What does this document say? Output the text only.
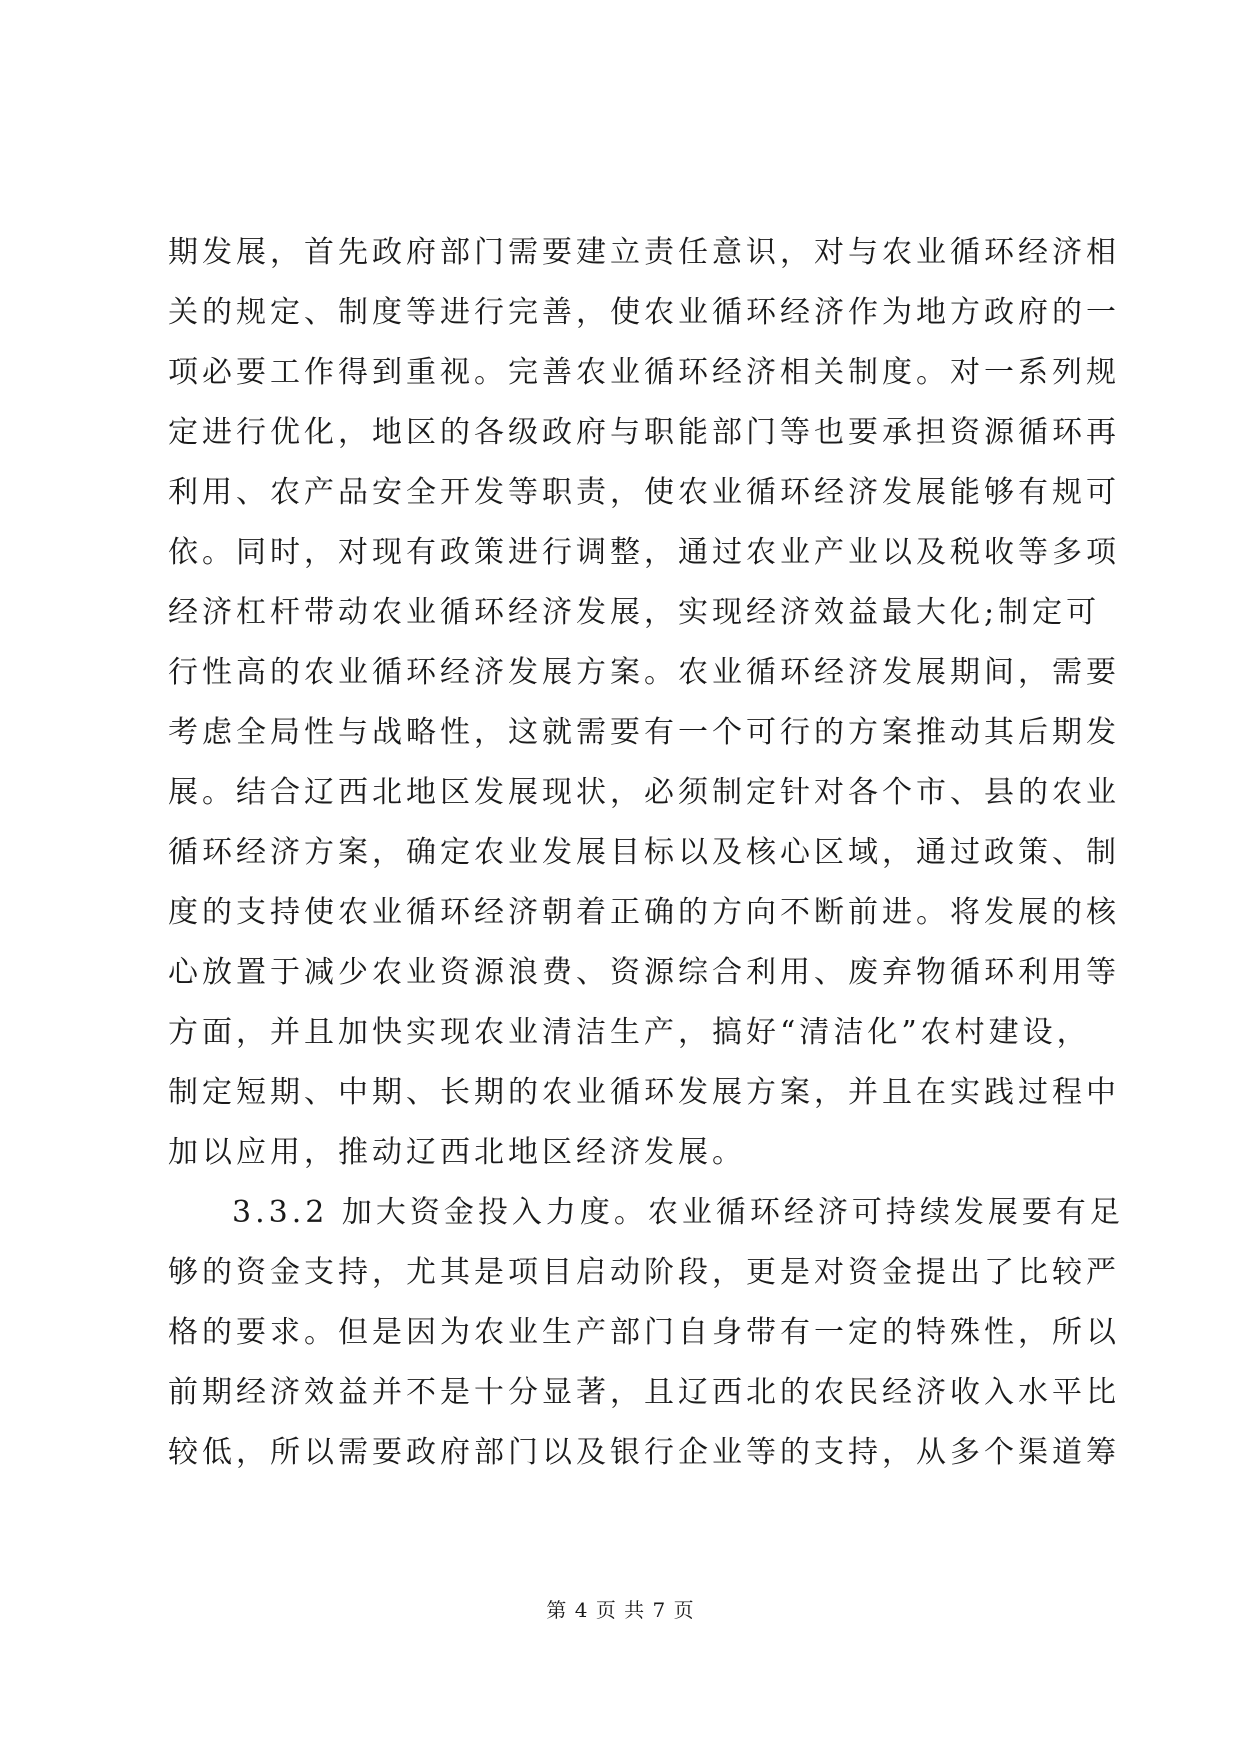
期发展，首先政府部门需要建立责任意识，对与农业循环经济相
关的规定、制度等进行完善，使农业循环经济作为地方政府的一
项必要工作得到重视。完善农业循环经济相关制度。对一系列规
定进行优化，地区的各级政府与职能部门等也要承担资源循环再
利用、农产品安全开发等职责，使农业循环经济发展能够有规可
依。同时，对现有政策进行调整，通过农业产业以及税收等多项
经济杠杆带动农业循环经济发展，实现经济效益最大化;制定可
行性高的农业循环经济发展方案。农业循环经济发展期间，需要
考虑全局性与战略性，这就需要有一个可行的方案推动其后期发
展。结合辽西北地区发展现状，必须制定针对各个市、县的农业
循环经济方案，确定农业发展目标以及核心区域，通过政策、制
度的支持使农业循环经济朝着正确的方向不断前进。将发展的核
心放置于减少农业资源浪费、资源综合利用、废弃物循环利用等
方面，并且加快实现农业清洁生产，搞好“清洁化”农村建设，
制定短期、中期、长期的农业循环发展方案，并且在实践过程中
加以应用，推动辽西北地区经济发展。
3.3.2 加大资金投入力度。农业循环经济可持续发展要有足
够的资金支持，尤其是项目启动阶段，更是对资金提出了比较严
格的要求。但是因为农业生产部门自身带有一定的特殊性，所以
前期经济效益并不是十分显著，且辽西北的农民经济收入水平比
较低，所以需要政府部门以及银行企业等的支持，从多个渠道筹
第 4 页 共 7 页
